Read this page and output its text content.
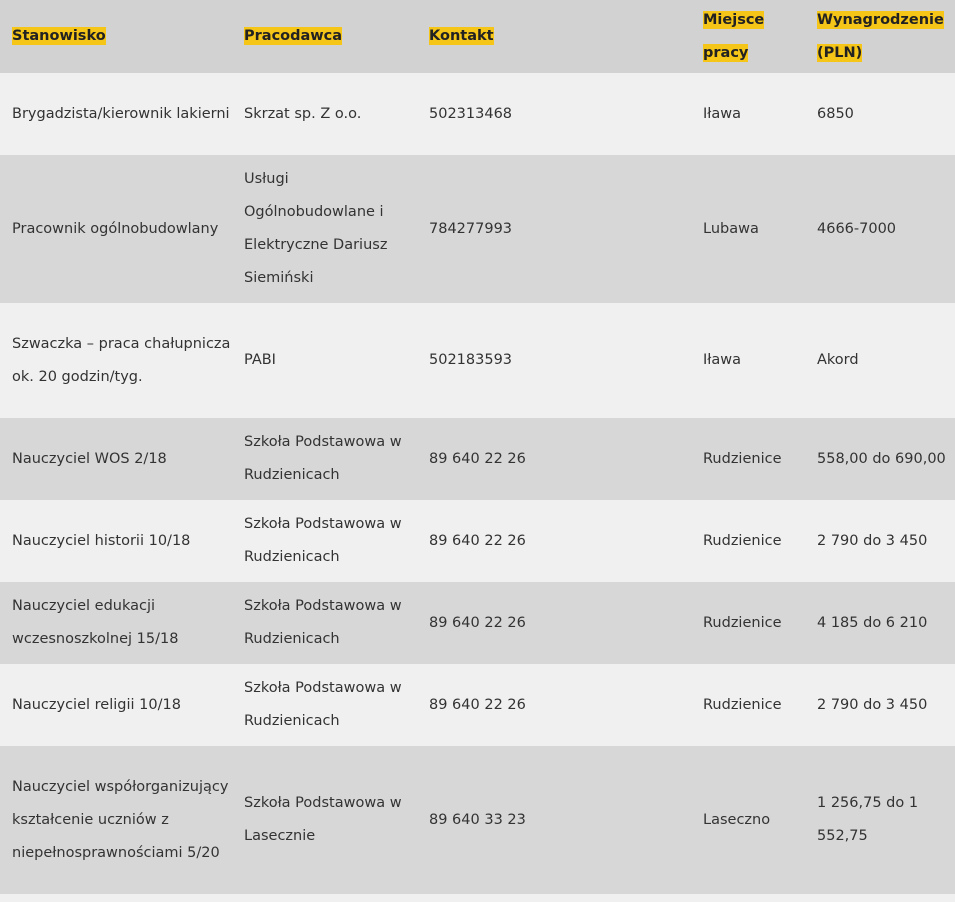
Stanowisko	Pracodawca	Kontakt	Miejsce pracy	Wynagrodzenie (PLN)
Brygadzista/kierownik lakierni	Skrzat sp. Z o.o.	502313468	Iława	6850
Pracownik ogólnobudowlany	Usługi Ogólnobudowlane i Elektryczne Dariusz Siemiński	784277993	Lubawa	4666-7000
Szwaczka – praca chałupnicza ok. 20 godzin/tyg.	PABI	502183593	Iława	Akord
Nauczyciel WOS 2/18	Szkoła Podstawowa w Rudzienicach	89 640 22 26	Rudzienice	558,00 do 690,00
Nauczyciel historii 10/18	Szkoła Podstawowa w Rudzienicach	89 640 22 26	Rudzienice	2 790 do 3 450
Nauczyciel edukacji wczesnoszkolnej 15/18	Szkoła Podstawowa w Rudzienicach	89 640 22 26	Rudzienice	4 185 do 6 210
Nauczyciel religii 10/18	Szkoła Podstawowa w Rudzienicach	89 640 22 26	Rudzienice	2 790 do 3 450
Nauczyciel współorganizujący kształcenie uczniów z niepełnosprawnościami 5/20	Szkoła Podstawowa w Lasecznie	89 640 33 23	Laseczno	1 256,75 do 1 552,75
